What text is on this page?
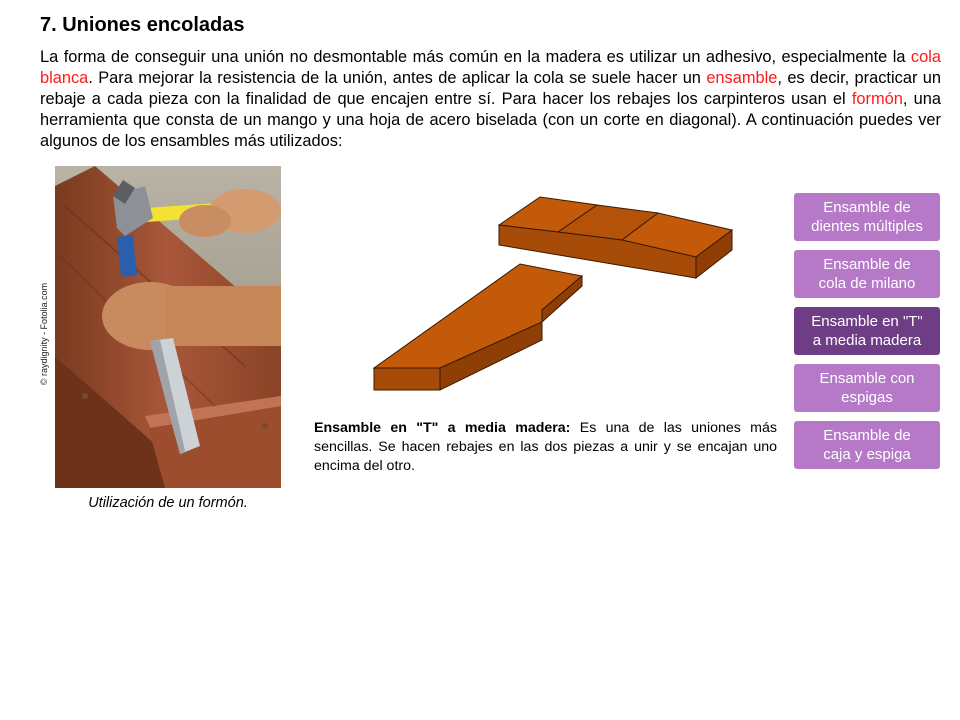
7. Uniones encoladas

La forma de conseguir una unión no desmontable más común en la madera es utilizar un adhesivo, especialmente la cola blanca. Para mejorar la resistencia de la unión, antes de aplicar la cola se suele hacer un ensamble, es decir, practicar un rebaje a cada pieza con la finalidad de que encajen entre sí. Para hacer los rebajes los carpinteros usan el formón, una herramienta que consta de un mango y una hoja de acero biselada (con un corte en diagonal). A continuación puedes ver algunos de los ensambles más utilizados:

© raydignity - Fotolia.com
Utilización de un formón.

Ensamble en "T" a media madera: Es una de las uniones más sencillas. Se hacen rebajes en las dos piezas a unir y se encajan uno encima del otro.

Ensamble de
dientes múltiples
Ensamble de
cola de milano
Ensamble en "T"
a media madera
Ensamble con
espigas
Ensamble de
caja y espiga
